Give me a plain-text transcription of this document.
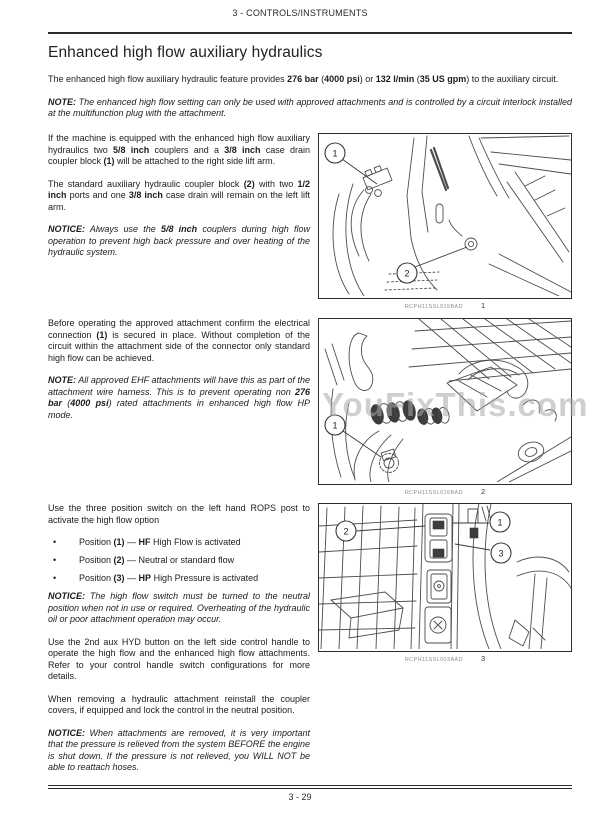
3 - CONTROLS/INSTRUMENTS
Enhanced high flow auxiliary hydraulics
The enhanced high flow auxiliary hydraulic feature provides 276 bar (4000 psi) or 132 l/min (35 US gpm) to the auxiliary circuit.
NOTE: The enhanced high flow setting can only be used with approved attachments and is controlled by a circuit interlock installed at the multifunction plug with the attachment.
If the machine is equipped with the enhanced high flow auxiliary hydraulics two 5/8 inch couplers and a 3/8 inch case drain coupler block (1) will be attached to the right side lift arm.
The standard auxiliary hydraulic coupler block (2) with two 1/2 inch ports and one 3/8 inch case drain will remain on the left lift arm.
NOTICE: Always use the 5/8 inch couplers during high flow operation to prevent high back pressure and over heating of the hydraulic system.
Before operating the approved attachment confirm the electrical connection (1) is secured in place. Without completion of the circuit within the attachment side of the connector only standard high flow can be achieved.
NOTE: All approved EHF attachments will have this as part of the attachment wire harness. This is to prevent operating non 276 bar (4000 psi) rated attachments in enhanced high flow HP mode.
Use the three position switch on the left hand ROPS post to activate the high flow option
•	Position (1) — HF High Flow is activated
•	Position (2) — Neutral or standard flow
•	Position (3) — HP High Pressure is activated
NOTICE: The high flow switch must be turned to the neutral position when not in use or required. Overheating of the hydraulic oil or poor attachment operation may occur.
Use the 2nd aux HYD button on the left side control handle to operate the high flow and the enhanced high flow attachments. Refer to your control handle switch configurations for more details.
When removing a hydraulic attachment reinstall the coupler covers, if equipped and lock the control in the neutral position.
NOTICE: When attachments are removed, it is very important that the pressure is relieved from the system BEFORE the engine is shut down. If the pressure is not relieved, you WILL NOT be able to reattach hoses.
1
2
RCPH11SSL015BAD 1
1
RCPH11SSL016BAD 2
2
1
3
RCPH11SSL003AAD 3
YouFixThis.com
3 - 29
